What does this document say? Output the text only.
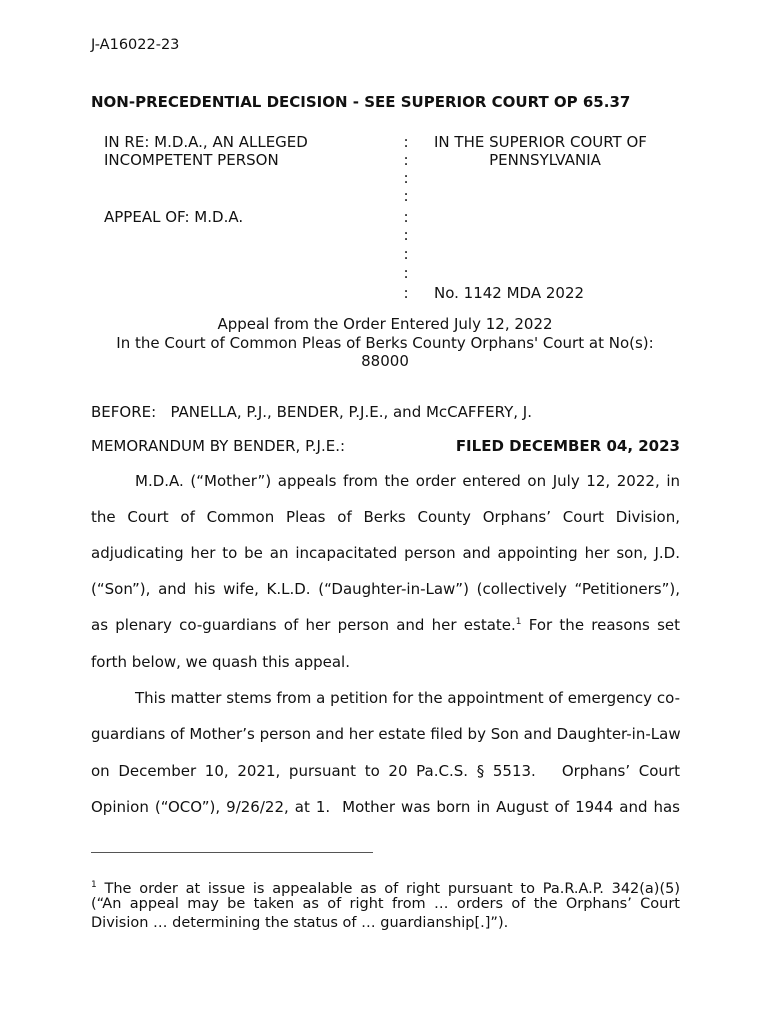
J-A16022-23
NON-PRECEDENTIAL DECISION - SEE SUPERIOR COURT OP 65.37
IN RE: M.D.A., AN ALLEGED
INCOMPETENT PERSON
APPEAL OF: M.D.A.
:
:
:
:
:
:
:
:
:
IN THE SUPERIOR COURT OF
PENNSYLVANIA
No. 1142 MDA 2022
Appeal from the Order Entered July 12, 2022
In the Court of Common Pleas of Berks County Orphans' Court at No(s):
88000
BEFORE:   PANELLA, P.J., BENDER, P.J.E., and McCAFFERY, J.
MEMORANDUM BY BENDER, P.J.E.:	FILED DECEMBER 04, 2023
M.D.A. (“Mother”) appeals from the order entered on July 12, 2022, in
the Court of Common Pleas of Berks County Orphans’ Court Division,
adjudicating her to be an incapacitated person and appointing her son, J.D.
(“Son”), and his wife, K.L.D. (“Daughter-in-Law”) (collectively “Petitioners”),
as plenary co-guardians of her person and her estate.$^1$ For the reasons set
forth below, we quash this appeal.
This matter stems from a petition for the appointment of emergency co-
guardians of Mother’s person and her estate filed by Son and Daughter-in-Law
on December 10, 2021, pursuant to 20 Pa.C.S. § 5513.   Orphans’ Court
Opinion (“OCO”), 9/26/22, at 1.  Mother was born in August of 1944 and has
$^1$ The order at issue is appealable as of right pursuant to Pa.R.A.P. 342(a)(5)
(“An appeal may be taken as of right from … orders of the Orphans’ Court
Division … determining the status of … guardianship[.]”).
